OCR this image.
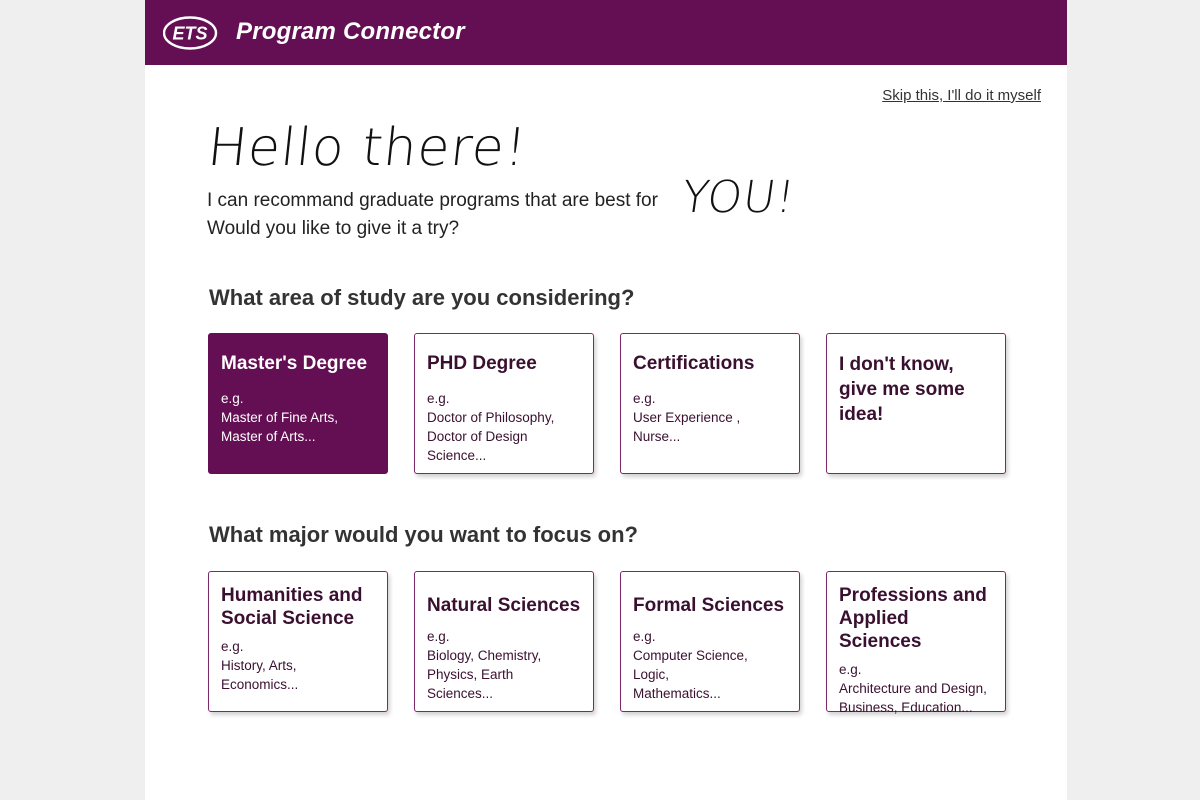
ETS Program Connector
Skip this, I'll do it myself
Hello there!
I can recommand graduate programs that are best for YOU!
Would you like to give it a try?
What area of study are you considering?
Master's Degree
e.g.
Master of Fine Arts,
Master of Arts...
PHD Degree
e.g.
Doctor of Philosophy,
Doctor of Design
Science...
Certifications
e.g.
User Experience ,
Nurse...
I don't know, give me some idea!
What major would you want to focus on?
Humanities and Social Science
e.g.
History, Arts,
Economics...
Natural Sciences
e.g.
Biology, Chemistry,
Physics, Earth Sciences...
Formal Sciences
e.g.
Computer Science, Logic,
Mathematics...
Professions and Applied Sciences
e.g.
Architecture and Design,
Business, Education...
